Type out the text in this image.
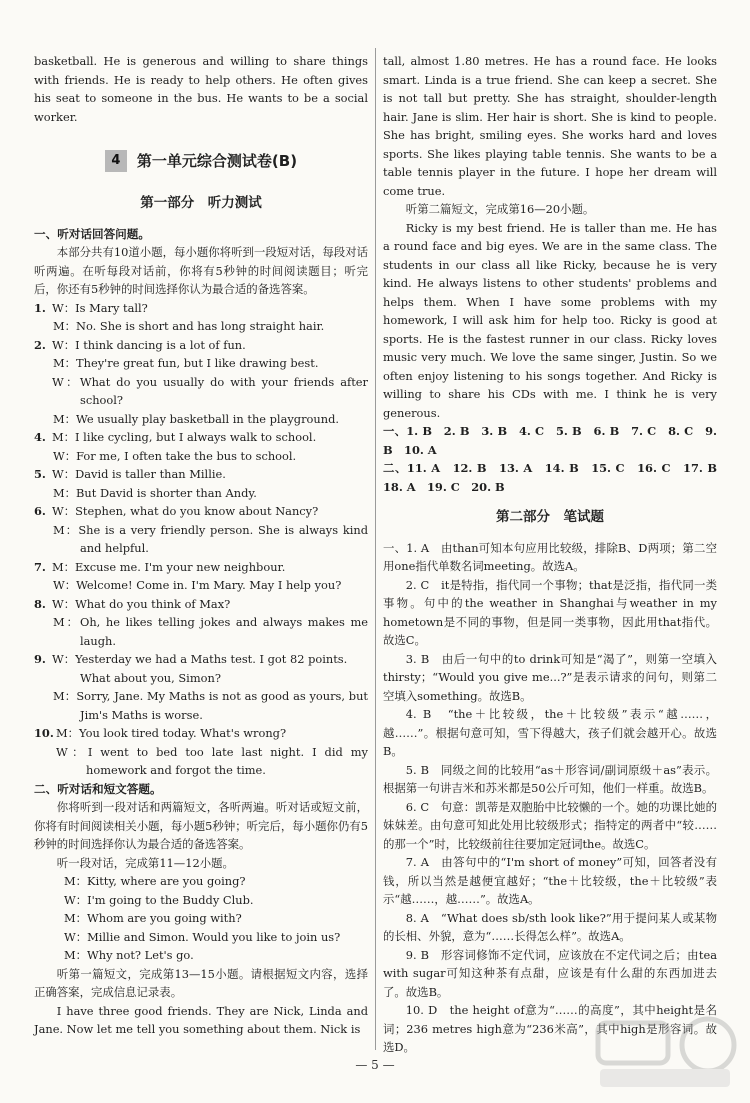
basketball. He is generous and willing to share things with friends. He is ready to help others. He often gives his seat to someone in the bus. He wants to be a social worker.

4	第一单元综合测试卷(B)
第一部分　听力测试
一、听对话回答问题。

本部分共有10道小题，每小题你将听到一段短对话，每段对话听两遍。在听每段对话前，你将有5秒钟的时间阅读题目；听完后，你还有5秒钟的时间选择你认为最合适的备选答案。

1. W：Is Mary tall?

M：No. She is short and has long straight hair.

2. W：I think dancing is a lot of fun.

M：They're great fun, but I like drawing best.

W：What do you usually do with your friends after school?

M：We usually play basketball in the playground.

4. M：I like cycling, but I always walk to school.

W：For me, I often take the bus to school.

5. W：David is taller than Millie.

M：But David is shorter than Andy.

6. W：Stephen, what do you know about Nancy?

M：She is a very friendly person. She is always kind and helpful.

7. M：Excuse me. I'm your new neighbour.

W：Welcome! Come in. I'm Mary. May I help you?

8. W：What do you think of Max?

M：Oh, he likes telling jokes and always makes me laugh.

9. W：Yesterday we had a Maths test. I got 82 points.

What about you, Simon?

M：Sorry, Jane. My Maths is not as good as yours, but Jim's Maths is worse.

10. M：You look tired today. What's wrong?

W：I went to bed too late last night. I did my homework and forgot the time.

二、听对话和短文答题。

你将听到一段对话和两篇短文，各听两遍。听对话或短文前，你将有时间阅读相关小题，每小题5秒钟；听完后，每小题你仍有5秒钟的时间选择你认为最合适的备选答案。

听一段对话，完成第11—12小题。

M：Kitty, where are you going?

W：I'm going to the Buddy Club.

M：Whom are you going with?

W：Millie and Simon. Would you like to join us?

M：Why not? Let's go.

听第一篇短文，完成第13—15小题。请根据短文内容，选择正确答案，完成信息记录表。

I have three good friends. They are Nick, Linda and Jane. Now let me tell you something about them. Nick is

tall, almost 1.80 metres. He has a round face. He looks smart. Linda is a true friend. She can keep a secret. She is not tall but pretty. She has straight, shoulder-length hair. Jane is slim. Her hair is short. She is kind to people. She has bright, smiling eyes. She works hard and loves sports. She likes playing table tennis. She wants to be a table tennis player in the future. I hope her dream will come true.

听第二篇短文，完成第16—20小题。

Ricky is my best friend. He is taller than me. He has a round face and big eyes. We are in the same class. The students in our class all like Ricky, because he is very kind. He always listens to other students' problems and helps them. When I have some problems with my homework, I will ask him for help too. Ricky is good at sports. He is the fastest runner in our class. Ricky loves music very much. We love the same singer, Justin. So we often enjoy listening to his songs together. And Ricky is willing to share his CDs with me. I think he is very generous.

一、1. B　2. B　3. B　4. C　5. B　6. B　7. C　8. C　9. B　10. A

二、11. A　12. B　13. A　14. B　15. C　16. C　17. B　18. A　19. C　20. B

第二部分　笔试题

一、1. A　由than可知本句应用比较级，排除B、D两项；第二空用one指代单数名词meeting。故选A。

2. C　it是特指，指代同一个事物；that是泛指，指代同一类事物。句中的the weather in Shanghai与weather in my hometown是不同的事物，但是同一类事物，因此用that指代。故选C。

3. B　由后一句中的to drink可知是“渴了”，则第一空填入thirsty；“Would you give me...?”是表示请求的问句，则第二空填入something。故选B。

4. B　“the＋比较级，the＋比较级”表示“越……，越……”。根据句意可知，雪下得越大，孩子们就会越开心。故选B。

5. B　同级之间的比较用“as＋形容词/副词原级＋as”表示。根据第一句讲吉米和苏米都是50公斤可知，他们一样重。故选B。

6. C　句意：凯蒂是双胞胎中比较懒的一个。她的功课比她的妹妹差。由句意可知此处用比较级形式；指特定的两者中“较……的那一个”时，比较级前往往要加定冠词the。故选C。

7. A　由答句中的“I'm short of money”可知，回答者没有钱，所以当然是越便宜越好；“the＋比较级，the＋比较级”表示“越……，越……”。故选A。

8. A　“What does sb/sth look like?”用于提问某人或某物的长相、外貌，意为“……长得怎么样”。故选A。

9. B　形容词修饰不定代词，应该放在不定代词之后；由tea with sugar可知这种茶有点甜，应该是有什么甜的东西加进去了。故选B。

10. D　the height of意为“……的高度”，其中height是名词；236 metres high意为“236米高”，其中high是形容词。故选D。

— 5 —
